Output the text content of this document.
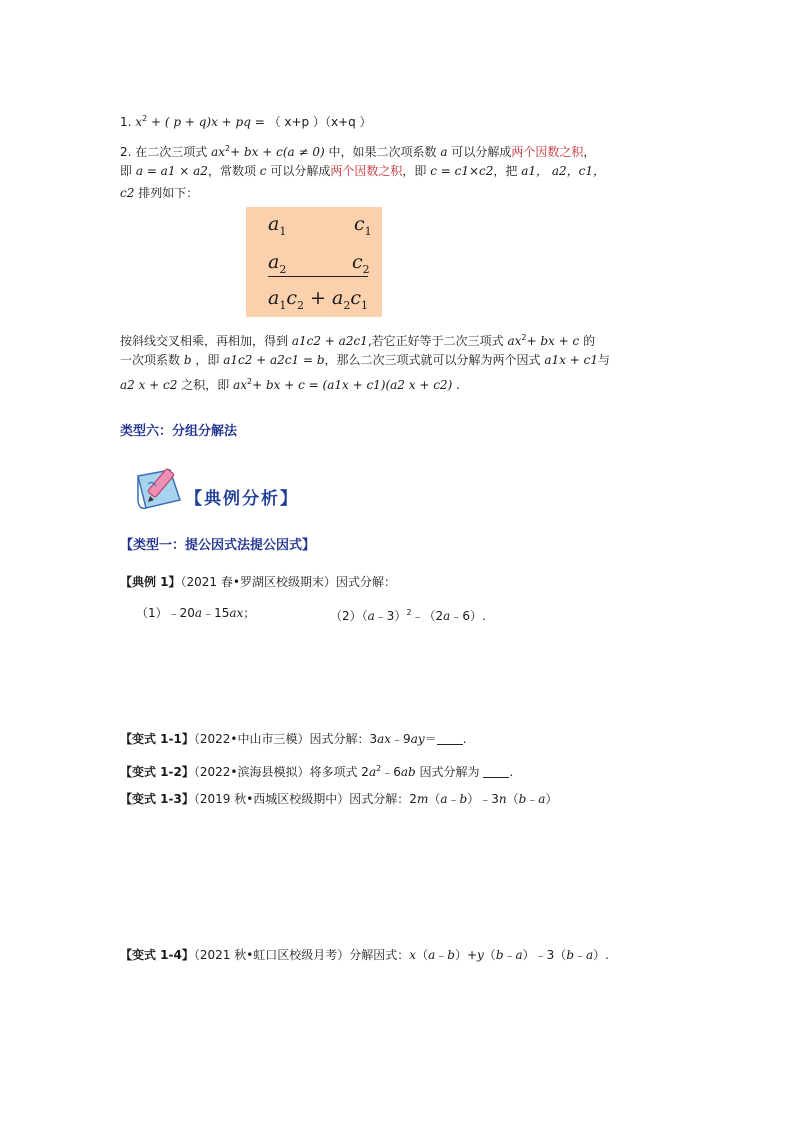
1. $x^2$ + ( p + q)x + pq = （ x+p ）（x+q ）
2. 在二次三项式 $ax^2+$ bx + c(a ≠ 0) 中，如果二次项系数 a 可以分解成两个因数之积，
即 a = a1 × a2，常数项 c 可以分解成两个因数之积，即 c = c1×c2，把 a1， a2，c1，
c2 排列如下：
$a_1$	$c_1$
$a_2$	$c_2$
$a_1c_2 + a_2c_1$
按斜线交叉相乘，再相加，得到 a1c2 + a2c1,若它正好等于二次三项式 $ax^2+$ bx + c 的
一次项系数 b ，即 a1c2 + a2c1 = b，那么二次三项式就可以分解为两个因式 a1x + c1与
a2 x + c2 之积，即 $ax^2+$ bx + c = (a1x + c1)(a2 x + c2) .
类型六：分组分解法
【典例分析】
【类型一：提公因式法提公因式】
【典例 1】（2021 春•罗湖区校级期末）因式分解：
（1）﹣20a﹣15ax；	（2）（a﹣3）$^2$﹣（2a﹣6）.
【变式 1-1】（2022•中山市三模）因式分解：3ax﹣9ay＝ .
【变式 1-2】（2022•滨海县模拟）将多项式 $2a^2﹣6ab$ 因式分解为 .
【变式 1-3】（2019 秋•西城区校级期中）因式分解：2m（a﹣b）﹣3n（b﹣a）
【变式 1-4】（2021 秋•虹口区校级月考）分解因式：x（a﹣b）+y（b﹣a）﹣3（b﹣a）.
